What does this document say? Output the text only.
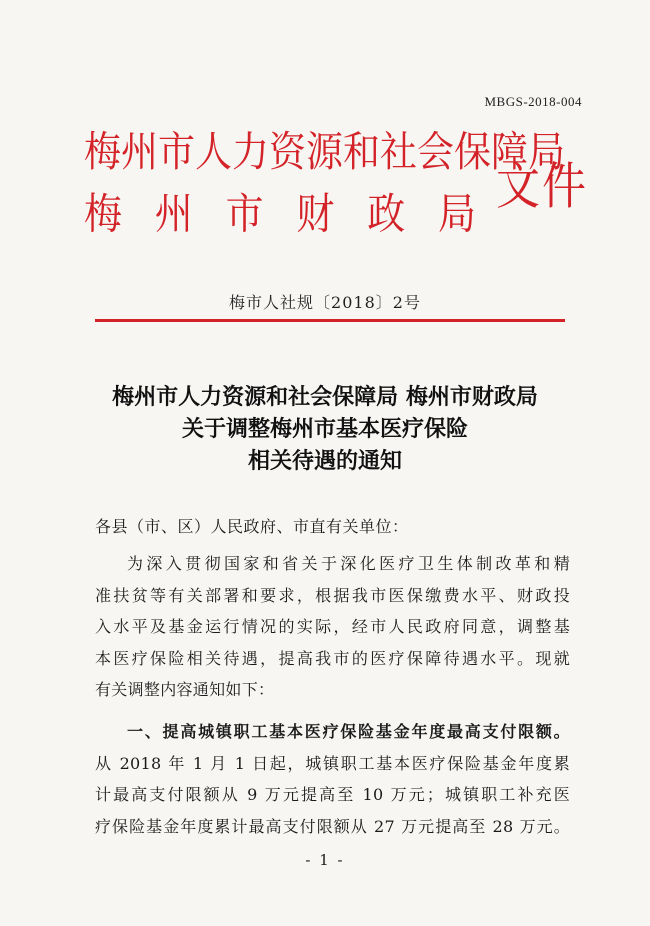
MBGS-2018-004
梅州市人力资源和社会保障局
梅 州 市 财 政 局 文件
梅市人社规〔2018〕2号
梅州市人力资源和社会保障局 梅州市财政局
关于调整梅州市基本医疗保险
相关待遇的通知
各县（市、区）人民政府、市直有关单位：
为深入贯彻国家和省关于深化医疗卫生体制改革和精
准扶贫等有关部署和要求，根据我市医保缴费水平、财政投
入水平及基金运行情况的实际，经市人民政府同意，调整基
本医疗保险相关待遇，提高我市的医疗保障待遇水平。现就
有关调整内容通知如下：
一、提高城镇职工基本医疗保险基金年度最高支付限额。
从 2018 年 1 月 1 日起，城镇职工基本医疗保险基金年度累
计最高支付限额从 9 万元提高至 10 万元；城镇职工补充医
疗保险基金年度累计最高支付限额从 27 万元提高至 28 万元。
- 1 -
